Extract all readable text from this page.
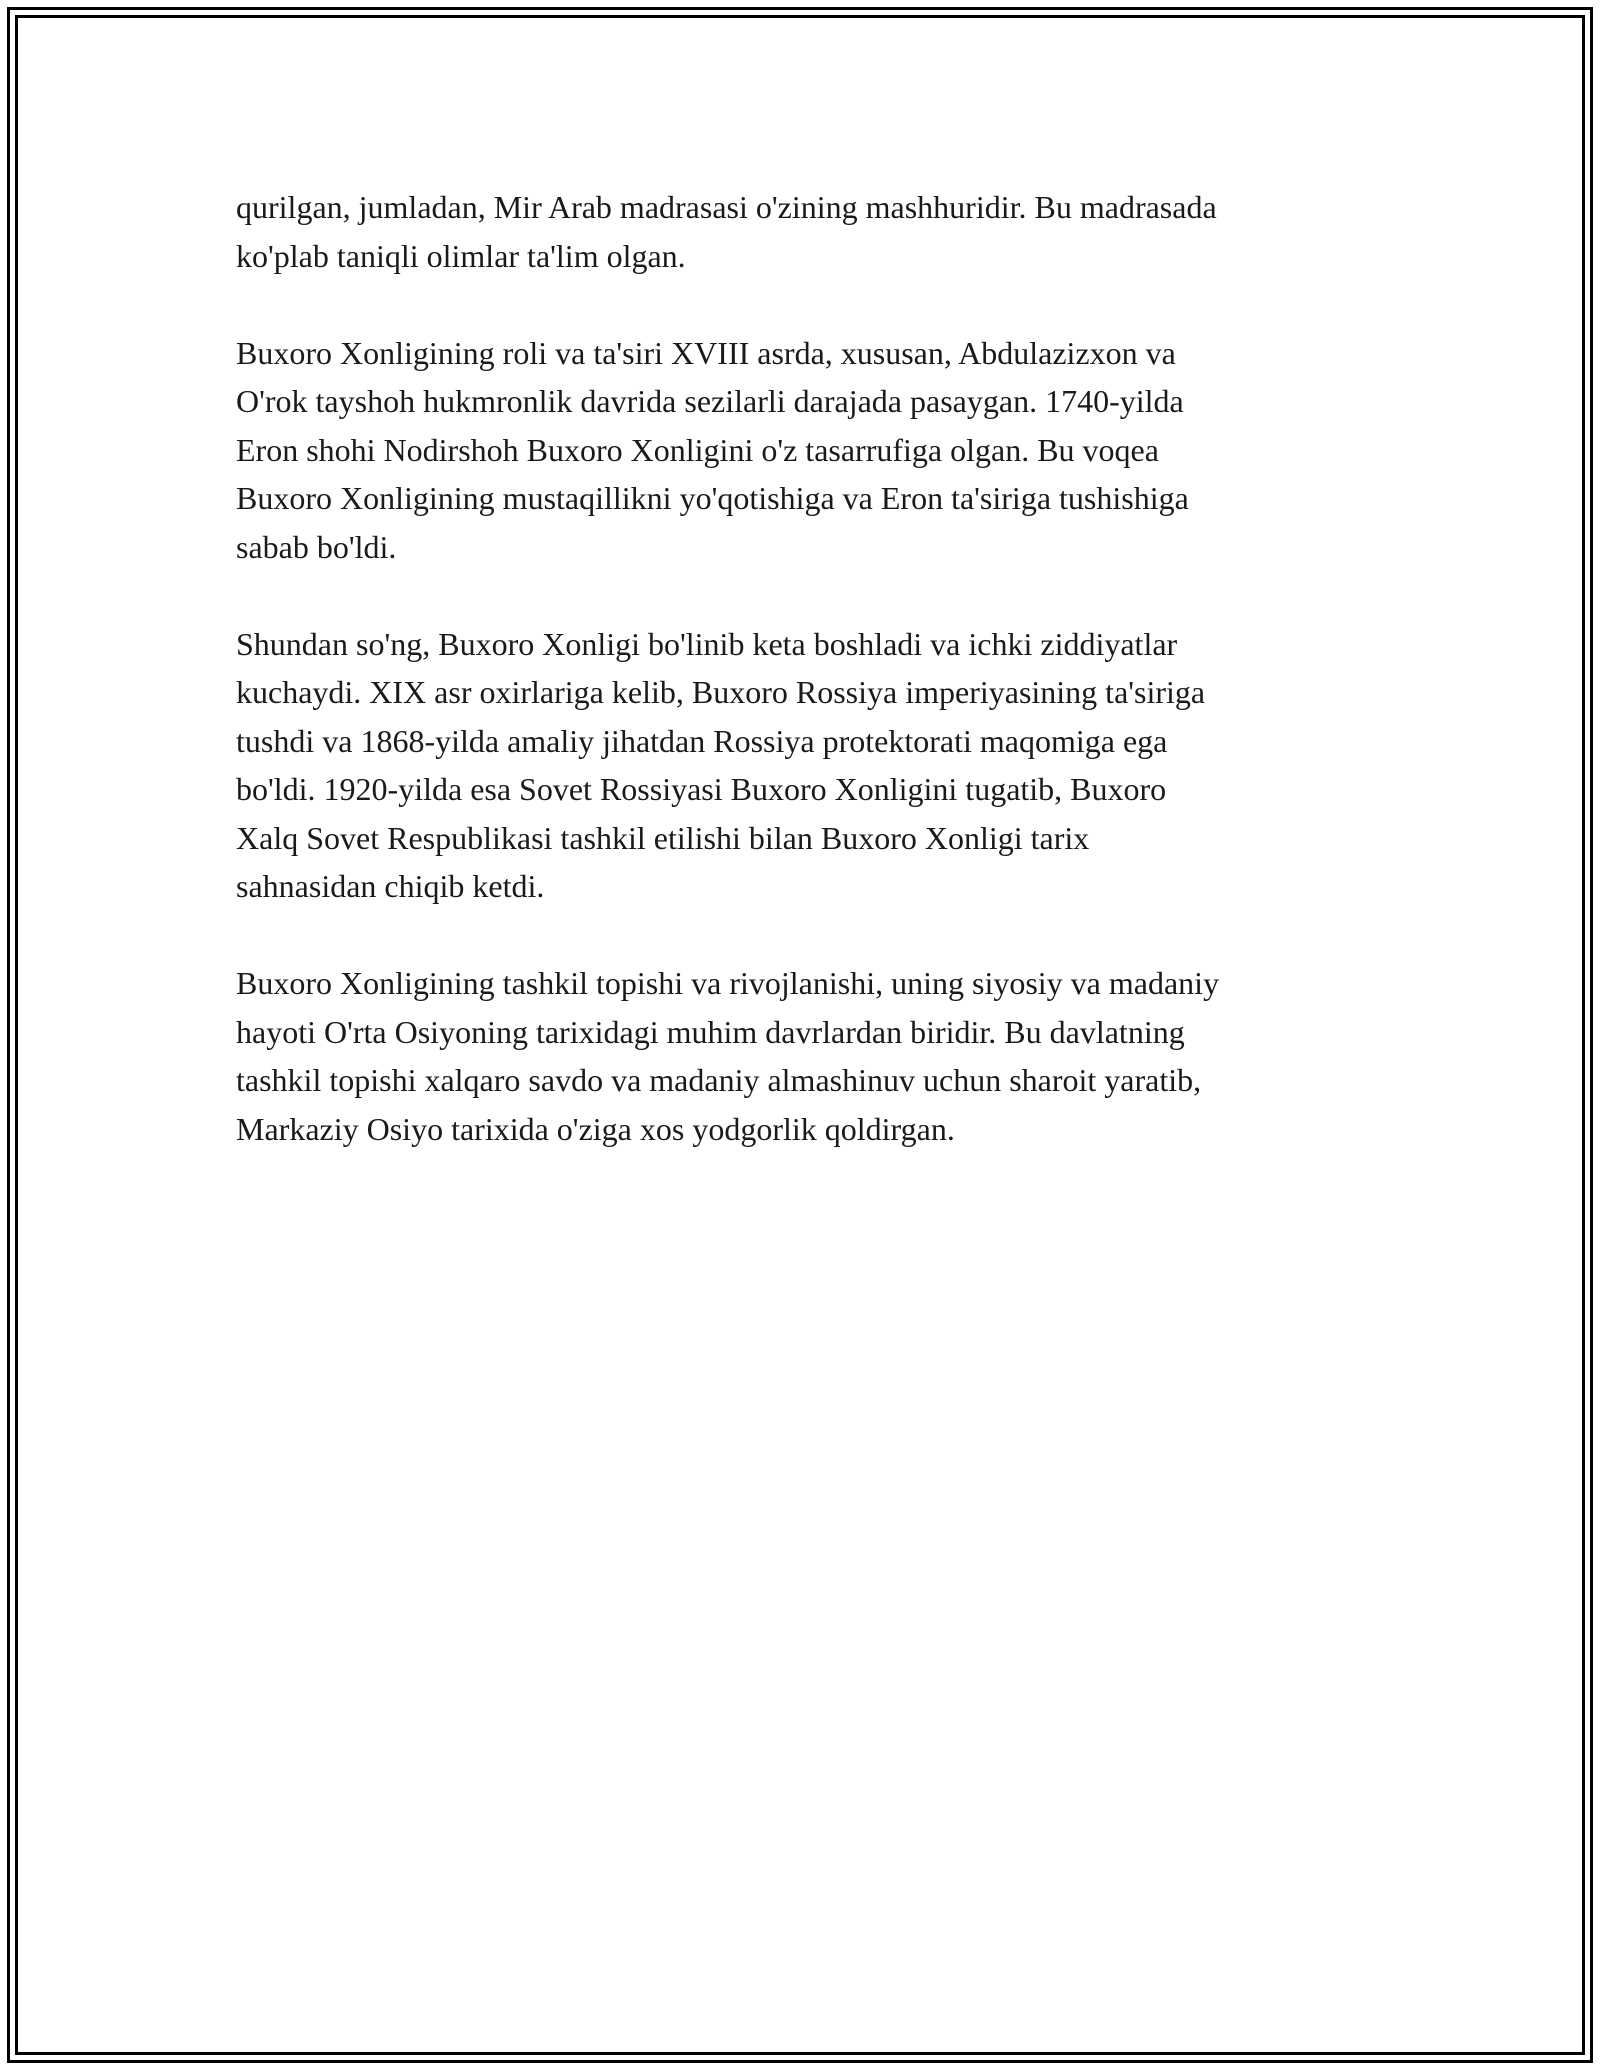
qurilgan, jumladan, Mir Arab madrasasi o'zining mashhuridir. Bu madrasada
ko'plab taniqli olimlar ta'lim olgan.

Buxoro Xonligining roli va ta'siri XVIII asrda, xususan, Abdulazizxon va
O'rok tayshoh hukmronlik davrida sezilarli darajada pasaygan. 1740-yilda
Eron shohi Nodirshoh Buxoro Xonligini o'z tasarrufiga olgan. Bu voqea
Buxoro Xonligining mustaqillikni yo'qotishiga va Eron ta'siriga tushishiga
sabab bo'ldi.

Shundan so'ng, Buxoro Xonligi bo'linib keta boshladi va ichki ziddiyatlar
kuchaydi. XIX asr oxirlariga kelib, Buxoro Rossiya imperiyasining ta'siriga
tushdi va 1868-yilda amaliy jihatdan Rossiya protektorati maqomiga ega
bo'ldi. 1920-yilda esa Sovet Rossiyasi Buxoro Xonligini tugatib, Buxoro
Xalq Sovet Respublikasi tashkil etilishi bilan Buxoro Xonligi tarix
sahnasidan chiqib ketdi.

Buxoro Xonligining tashkil topishi va rivojlanishi, uning siyosiy va madaniy
hayoti O'rta Osiyoning tarixidagi muhim davrlardan biridir. Bu davlatning
tashkil topishi xalqaro savdo va madaniy almashinuv uchun sharoit yaratib,
Markaziy Osiyo tarixida o'ziga xos yodgorlik qoldirgan.
